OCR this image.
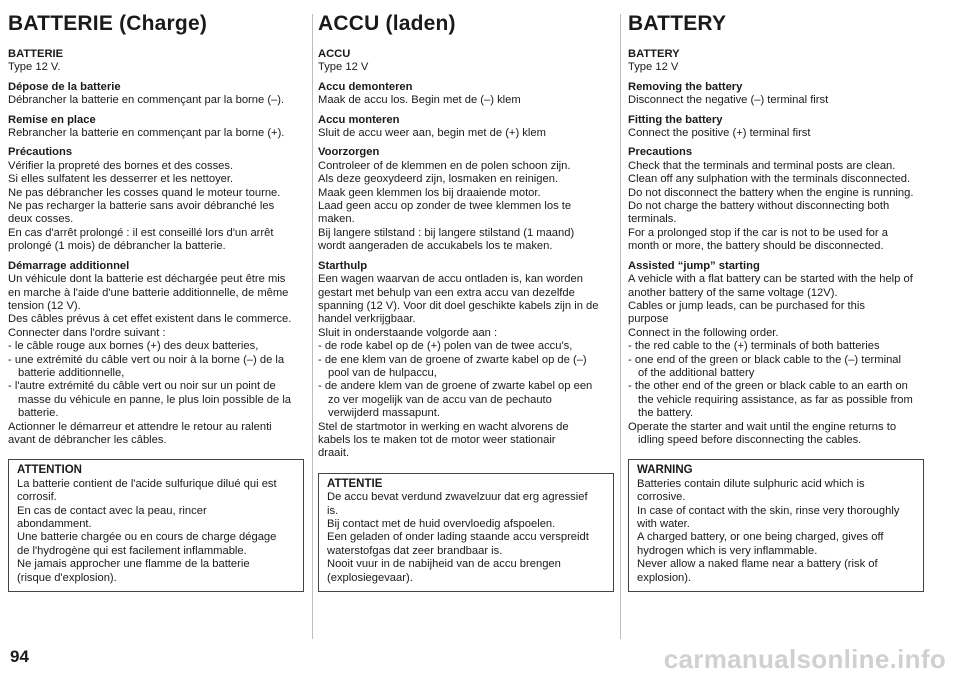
BATTERIE (Charge)
BATTERIE
Type 12 V.
Dépose de la batterie
Débrancher la batterie en commençant par la borne (–).
Remise en place
Rebrancher la batterie en commençant par la borne (+).
Précautions
Vérifier la propreté des bornes et des cosses.
Si elles sulfatent les desserrer et les nettoyer.
Ne pas débrancher les cosses quand le moteur tourne.
Ne pas recharger la batterie sans avoir débranché les
deux cosses.
En cas d'arrêt prolongé : il est conseillé lors d'un arrêt
prolongé (1 mois) de débrancher la batterie.
Démarrage additionnel
Un véhicule dont la batterie est déchargée peut être mis
en marche à l'aide d'une batterie additionnelle, de même
tension (12 V).
Des câbles prévus à cet effet existent dans le commerce.
Connecter dans l'ordre suivant :
- le câble rouge aux bornes (+) des deux batteries,
- une extrémité du câble vert ou noir à la borne (–) de la
batterie additionnelle,
- l'autre extrémité du câble vert ou noir sur un point de
masse du véhicule en panne, le plus loin possible de la
batterie.
Actionner le démarreur et attendre le retour au ralenti
avant de débrancher les câbles.
ATTENTION
La batterie contient de l'acide sulfurique dilué qui est
corrosif.
En cas de contact avec la peau, rincer
abondamment.
Une batterie chargée ou en cours de charge dégage
de l'hydrogène qui est facilement inflammable.
Ne jamais approcher une flamme de la batterie
(risque d'explosion).
ACCU (laden)
ACCU
Type 12 V
Accu demonteren
Maak de accu los. Begin met de (–) klem
Accu monteren
Sluit de accu weer aan, begin met de (+) klem
Voorzorgen
Controleer of de klemmen en de polen schoon zijn.
Als deze geoxydeerd zijn, losmaken en reinigen.
Maak geen klemmen los bij draaiende motor.
Laad geen accu op zonder de twee klemmen los te
maken.
Bij langere stilstand : bij langere stilstand (1 maand)
wordt aangeraden de accukabels los te maken.
Starthulp
Een wagen waarvan de accu ontladen is, kan worden
gestart met behulp van een extra accu van dezelfde
spanning (12 V). Voor dit doel geschikte kabels zijn in de
handel verkrijgbaar.
Sluit in onderstaande volgorde aan :
- de rode kabel op de (+) polen van de twee accu's,
- de ene klem van de groene of zwarte kabel op de (–)
pool van de hulpaccu,
- de andere klem van de groene of zwarte kabel op een
zo ver mogelijk van de accu van de pechauto
verwijderd massapunt.
Stel de startmotor in werking en wacht alvorens de
kabels los te maken tot de motor weer stationair
draait.
ATTENTIE
De accu bevat verdund zwavelzuur dat erg agressief
is.
Bij contact met de huid overvloedig afspoelen.
Een geladen of onder lading staande accu verspreidt
waterstofgas dat zeer brandbaar is.
Nooit vuur in de nabijheid van de accu brengen
(explosiegevaar).
BATTERY
BATTERY
Type 12 V
Removing the battery
Disconnect the negative (–) terminal first
Fitting the battery
Connect the positive (+) terminal first
Precautions
Check that the terminals and terminal posts are clean.
Clean off any sulphation with the terminals disconnected.
Do not disconnect the battery when the engine is running.
Do not charge the battery without disconnecting both
terminals.
For a prolonged stop if the car is not to be used for a
month or more, the battery should be disconnected.
Assisted “jump” starting
A vehicle with a flat battery can be started with the help of
another battery of the same voltage (12V).
Cables or jump leads, can be purchased for this
purpose
Connect in the following order.
- the red cable to the (+) terminals of both batteries
- one end of the green or black cable to the (–) terminal
of the additional battery
- the other end of the green or black cable to an earth on
the vehicle requiring assistance, as far as possible from
the battery.
Operate the starter and wait until the engine returns to
idling speed before disconnecting the cables.
WARNING
Batteries contain dilute sulphuric acid which is
corrosive.
In case of contact with the skin, rinse very thoroughly
with water.
A charged battery, or one being charged, gives off
hydrogen which is very inflammable.
Never allow a naked flame near a battery (risk of
explosion).
94	carmanualsonline.info
